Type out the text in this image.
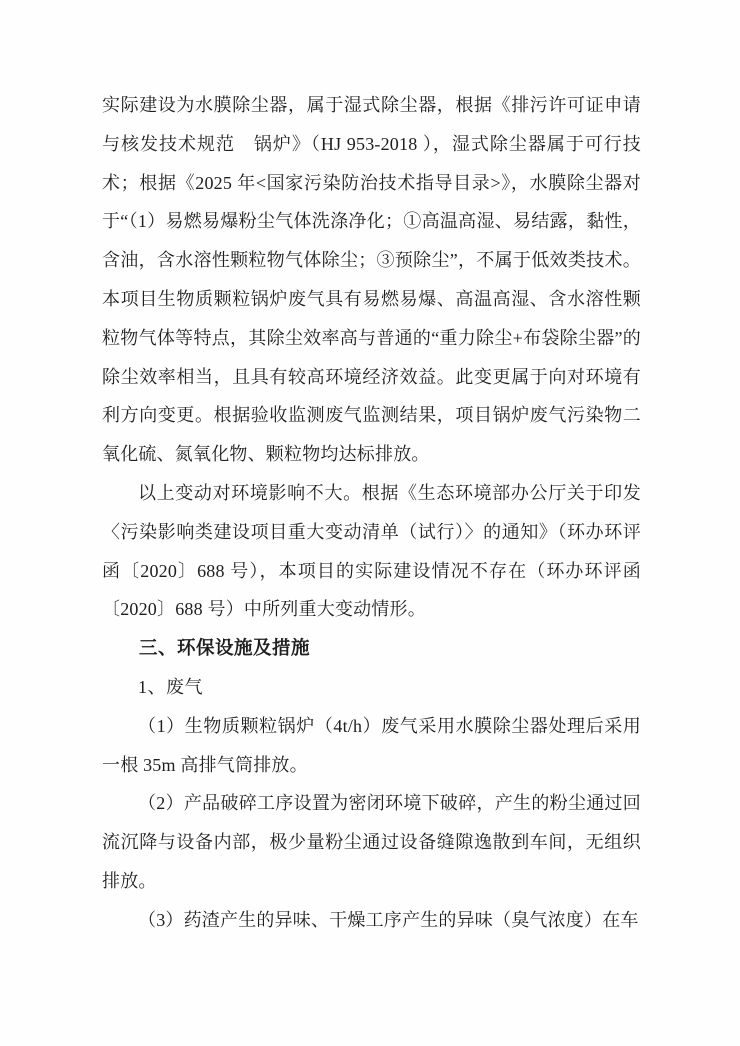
实际建设为水膜除尘器，属于湿式除尘器，根据《排污许可证申请与核发技术规范　锅炉》（HJ 953-2018 ），湿式除尘器属于可行技术；根据《2025 年<国家污染防治技术指导目录>》，水膜除尘器对于“（1）易燃易爆粉尘气体洗涤净化；①高温高湿、易结露，黏性，含油，含水溶性颗粒物气体除尘；③预除尘”，不属于低效类技术。本项目生物质颗粒锅炉废气具有易燃易爆、高温高湿、含水溶性颗粒物气体等特点，其除尘效率高与普通的“重力除尘+布袋除尘器”的除尘效率相当，且具有较高环境经济效益。此变更属于向对环境有利方向变更。根据验收监测废气监测结果，项目锅炉废气污染物二氧化硫、氮氧化物、颗粒物均达标排放。

以上变动对环境影响不大。根据《生态环境部办公厅关于印发〈污染影响类建设项目重大变动清单（试行）〉的通知》（环办环评函〔2020〕688 号），本项目的实际建设情况不存在（环办环评函〔2020〕688 号）中所列重大变动情形。

三、环保设施及措施

1、废气

（1）生物质颗粒锅炉（4t/h）废气采用水膜除尘器处理后采用一根 35m 高排气筒排放。

（2）产品破碎工序设置为密闭环境下破碎，产生的粉尘通过回流沉降与设备内部，极少量粉尘通过设备缝隙逸散到车间，无组织排放。

（3）药渣产生的异味、干燥工序产生的异味（臭气浓度）在车
